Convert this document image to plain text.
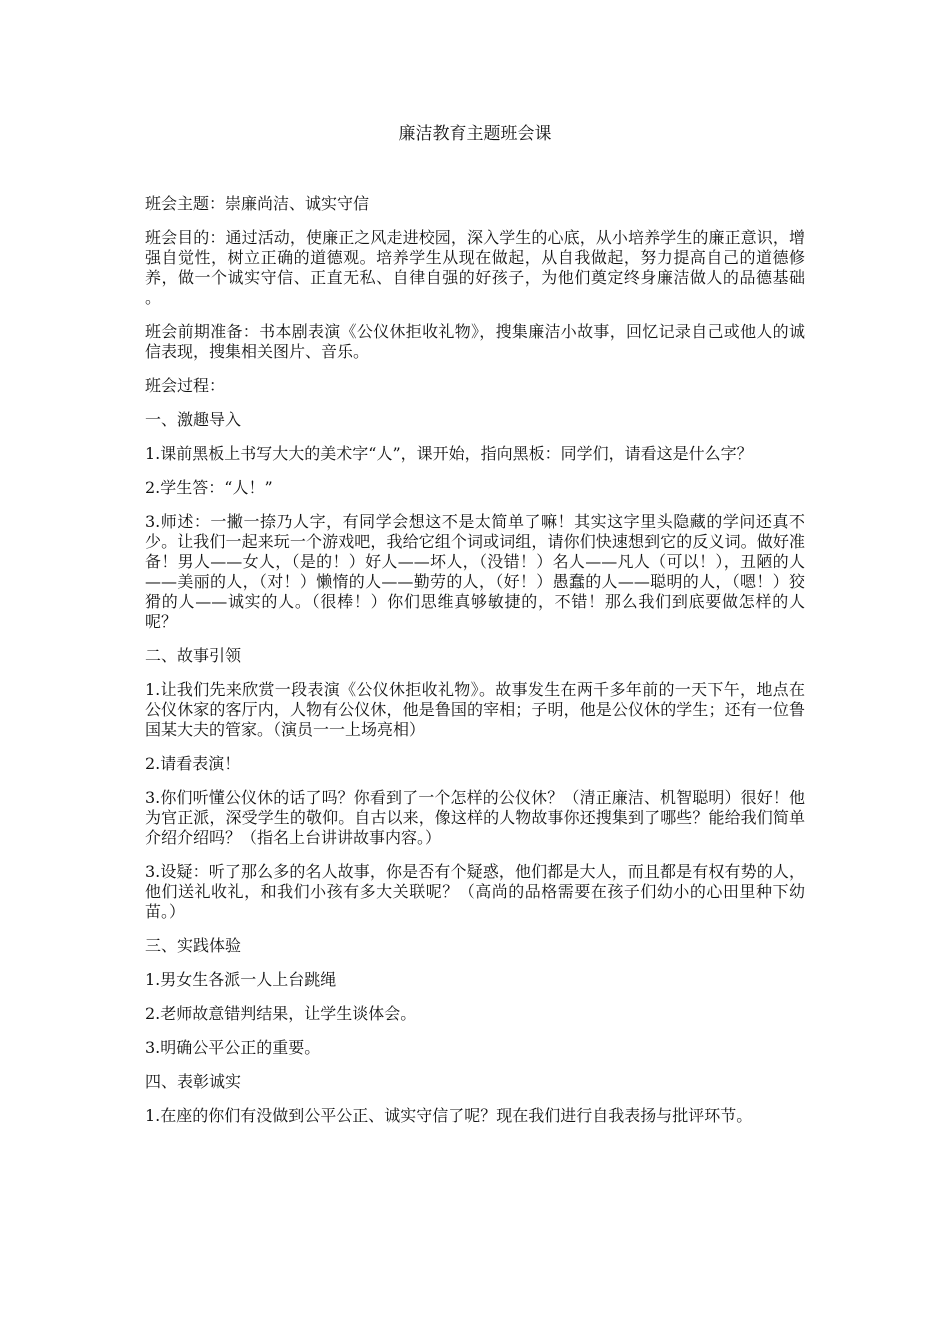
廉洁教育主题班会课

班会主题：崇廉尚洁、诚实守信

班会目的：通过活动，使廉正之风走进校园，深入学生的心底，从小培养学生的廉正意识，增强自觉性，树立正确的道德观。培养学生从现在做起，从自我做起，努力提高自己的道德修养，做一个诚实守信、正直无私、自律自强的好孩子，为他们奠定终身廉洁做人的品德基础 。

班会前期准备：书本剧表演《公仪休拒收礼物》，搜集廉洁小故事，回忆记录自己或他人的诚信表现，搜集相关图片、音乐。

班会过程：

一、激趣导入

1.课前黑板上书写大大的美术字“人”，课开始，指向黑板：同学们，请看这是什么字？

2.学生答：“人！”

3.师述：一撇一捺乃人字，有同学会想这不是太简单了嘛！其实这字里头隐藏的学问还真不少。让我们一起来玩一个游戏吧，我给它组个词或词组，请你们快速想到它的反义词。做好准备！男人——女人，（是的！）好人——坏人，（没错！）名人——凡人（可以！），丑陋的人——美丽的人，（对！）懒惰的人——勤劳的人，（好！）愚蠢的人——聪明的人，（嗯！）狡猾的人——诚实的人。（很棒！）你们思维真够敏捷的，不错！那么我们到底要做怎样的人呢？

二、故事引领

1.让我们先来欣赏一段表演《公仪休拒收礼物》。故事发生在两千多年前的一天下午，地点在公仪休家的客厅内，人物有公仪休，他是鲁国的宰相；子明，他是公仪休的学生；还有一位鲁国某大夫的管家。（演员一一上场亮相）

2.请看表演！

3.你们听懂公仪休的话了吗？你看到了一个怎样的公仪休？（清正廉洁、机智聪明）很好！他为官正派，深受学生的敬仰。自古以来，像这样的人物故事你还搜集到了哪些？能给我们简单介绍介绍吗？（指名上台讲讲故事内容。）

3.设疑：听了那么多的名人故事，你是否有个疑惑，他们都是大人，而且都是有权有势的人，他们送礼收礼，和我们小孩有多大关联呢？（高尚的品格需要在孩子们幼小的心田里种下幼苗。）

三、实践体验

1.男女生各派一人上台跳绳

2.老师故意错判结果，让学生谈体会。

3.明确公平公正的重要。

四、表彰诚实

1.在座的你们有没做到公平公正、诚实守信了呢？现在我们进行自我表扬与批评环节。
